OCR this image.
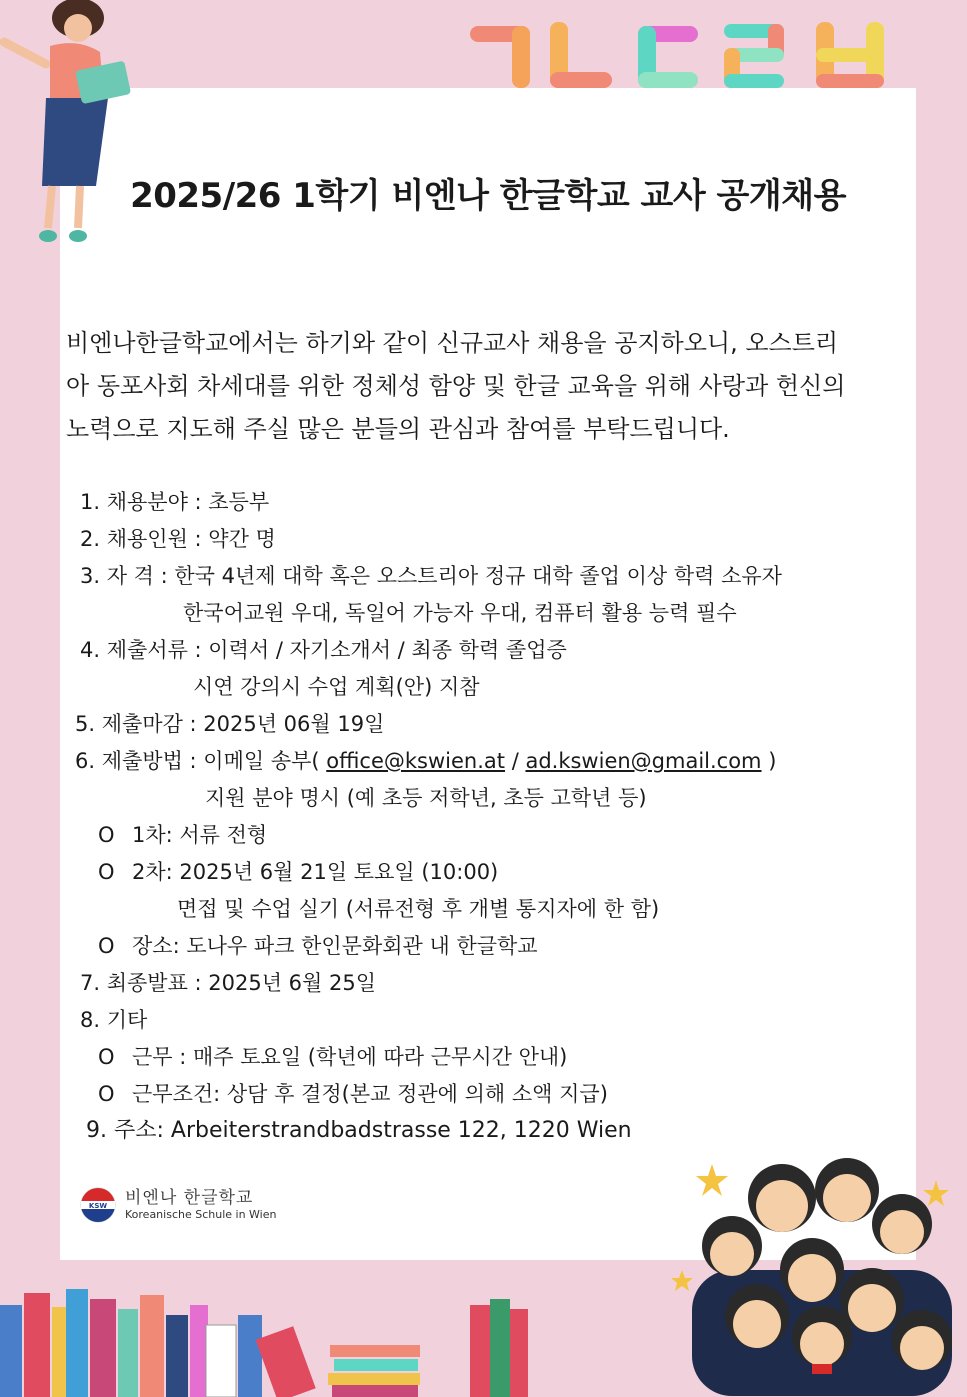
2025/26 1학기 비엔나 한글학교 교사 공개채용

비엔나한글학교에서는 하기와 같이 신규교사 채용을 공지하오니, 오스트리
아 동포사회 차세대를 위한 정체성 함양 및 한글 교육을 위해 사랑과 헌신의
노력으로 지도해 주실 많은 분들의 관심과 참여를 부탁드립니다.

1. 채용분야 : 초등부
2. 채용인원 : 약간 명
3. 자 격 : 한국 4년제 대학 혹은 오스트리아 정규 대학 졸업 이상 학력 소유자
한국어교원 우대, 독일어 가능자 우대, 컴퓨터 활용 능력 필수
4. 제출서류 : 이력서 / 자기소개서 / 최종 학력 졸업증
시연 강의시 수업 계획(안) 지참
5. 제출마감 : 2025년 06월 19일
6. 제출방법 : 이메일 송부( office@kswien.at / ad.kswien@gmail.com )
지원 분야 명시 (예 초등 저학년, 초등 고학년 등)
O 1차: 서류 전형
O 2차: 2025년 6월 21일 토요일 (10:00)
면접 및 수업 실기 (서류전형 후 개별 통지자에 한 함)
O 장소: 도나우 파크 한인문화회관 내 한글학교
7. 최종발표 : 2025년 6월 25일
8. 기타
O 근무 : 매주 토요일 (학년에 따라 근무시간 안내)
O 근무조건: 상담 후 결정(본교 정관에 의해 소액 지급)
9. 주소: Arbeiterstrandbadstrasse 122, 1220 Wien
KSW 비엔나 한글학교
Koreanische Schule in Wien
